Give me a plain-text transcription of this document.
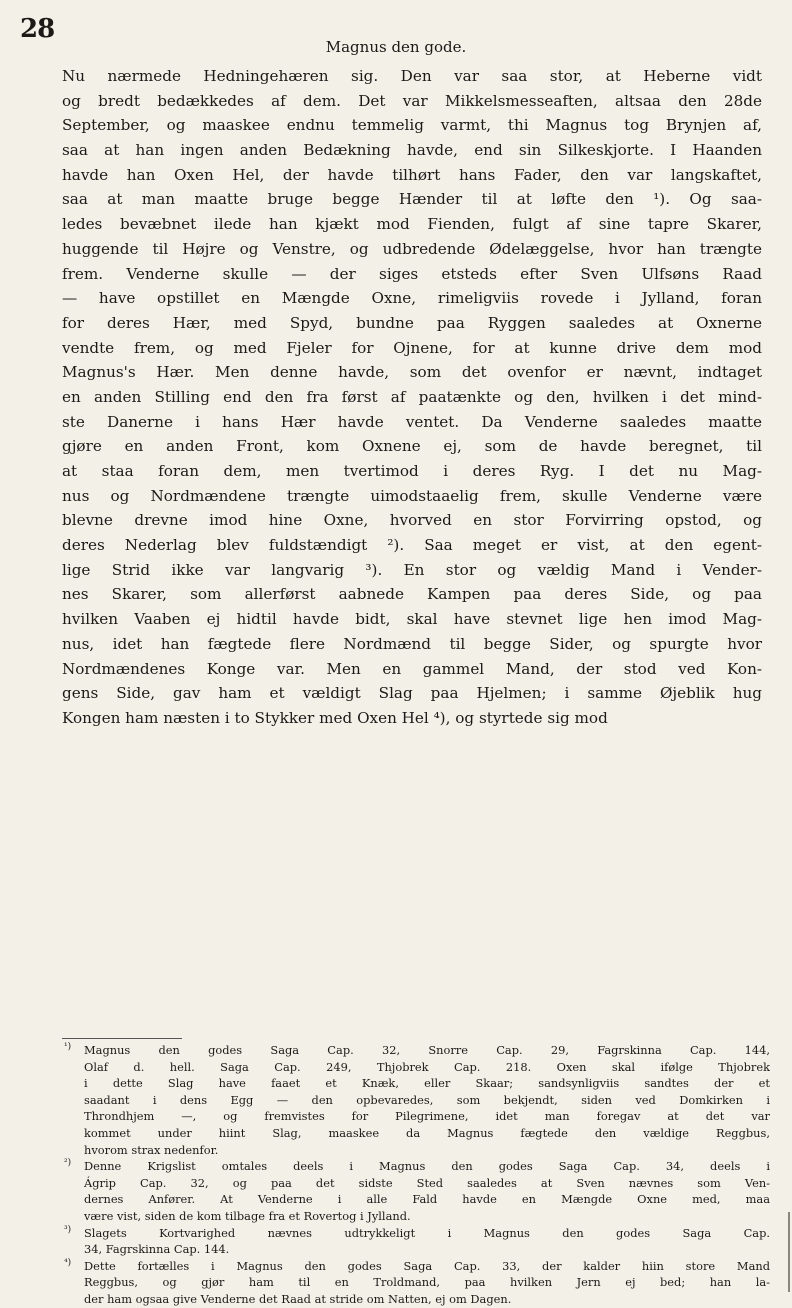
28
Magnus den gode.
Nu nærmede Hedningehæren sig. Den var saa stor, at Heberne vidt
og bredt bedækkedes af dem. Det var Mikkelsmesseaften, altsaa den 28de
September, og maaskee endnu temmelig varmt, thi Magnus tog Brynjen af,
saa at han ingen anden Bedækning havde, end sin Silkeskjorte. I Haanden
havde han Oxen Hel, der havde tilhørt hans Fader, den var langskaftet,
saa at man maatte bruge begge Hænder til at løfte den ¹). Og saa-
ledes bevæbnet ilede han kjækt mod Fienden, fulgt af sine tapre Skarer,
huggende til Højre og Venstre, og udbredende Ødelæggelse, hvor han trængte
frem. Venderne skulle — der siges etsteds efter Sven Ulfsøns Raad
— have opstillet en Mængde Oxne, rimeligviis rovede i Jylland, foran
for deres Hær, med Spyd, bundne paa Ryggen saaledes at Oxnerne
vendte frem, og med Fjeler for Ojnene, for at kunne drive dem mod
Magnus's Hær. Men denne havde, som det ovenfor er nævnt, indtaget
en anden Stilling end den fra først af paatænkte og den, hvilken i det mind-
ste Danerne i hans Hær havde ventet. Da Venderne saaledes maatte
gjøre en anden Front, kom Oxnene ej, som de havde beregnet, til
at staa foran dem, men tvertimod i deres Ryg. I det nu Mag-
nus og Nordmændene trængte uimodstaaelig frem, skulle Venderne være
blevne drevne imod hine Oxne, hvorved en stor Forvirring opstod, og
deres Nederlag blev fuldstændigt ²). Saa meget er vist, at den egent-
lige Strid ikke var langvarig ³). En stor og vældig Mand i Vender-
nes Skarer, som allerførst aabnede Kampen paa deres Side, og paa
hvilken Vaaben ej hidtil havde bidt, skal have stevnet lige hen imod Mag-
nus, idet han fægtede flere Nordmænd til begge Sider, og spurgte hvor
Nordmændenes Konge var. Men en gammel Mand, der stod ved Kon-
gens Side, gav ham et vældigt Slag paa Hjelmen; i samme Øjeblik hug
Kongen ham næsten i to Stykker med Oxen Hel ⁴), og styrtede sig mod
¹) Magnus den godes Saga Cap. 32, Snorre Cap. 29, Fagrskinna Cap. 144,
Olaf d. hell. Saga Cap. 249, Thjobrek Cap. 218. Oxen skal ifølge Thjobrek
i dette Slag have faaet et Knæk, eller Skaar; sandsynligviis sandtes der et
saadant i dens Egg — den opbevaredes, som bekjendt, siden ved Domkirken i
Throndhjem —, og fremvistes for Pilegrimene, idet man foregav at det var
kommet under hiint Slag, maaskee da Magnus fægtede den vældige Reggbus,
hvorom strax nedenfor.
²) Denne Krigslist omtales deels i Magnus den godes Saga Cap. 34, deels i
Ágrip Cap. 32, og paa det sidste Sted saaledes at Sven nævnes som Ven-
dernes Anfører. At Venderne i alle Fald havde en Mængde Oxne med, maa
være vist, siden de kom tilbage fra et Rovertog i Jylland.
³) Slagets Kortvarighed nævnes udtrykkeligt i Magnus den godes Saga Cap.
34, Fagrskinna Cap. 144.
⁴) Dette fortælles i Magnus den godes Saga Cap. 33, der kalder hiin store Mand
Reggbus, og gjør ham til en Troldmand, paa hvilken Jern ej bed; han la-
der ham ogsaa give Venderne det Raad at stride om Natten, ej om Dagen.
